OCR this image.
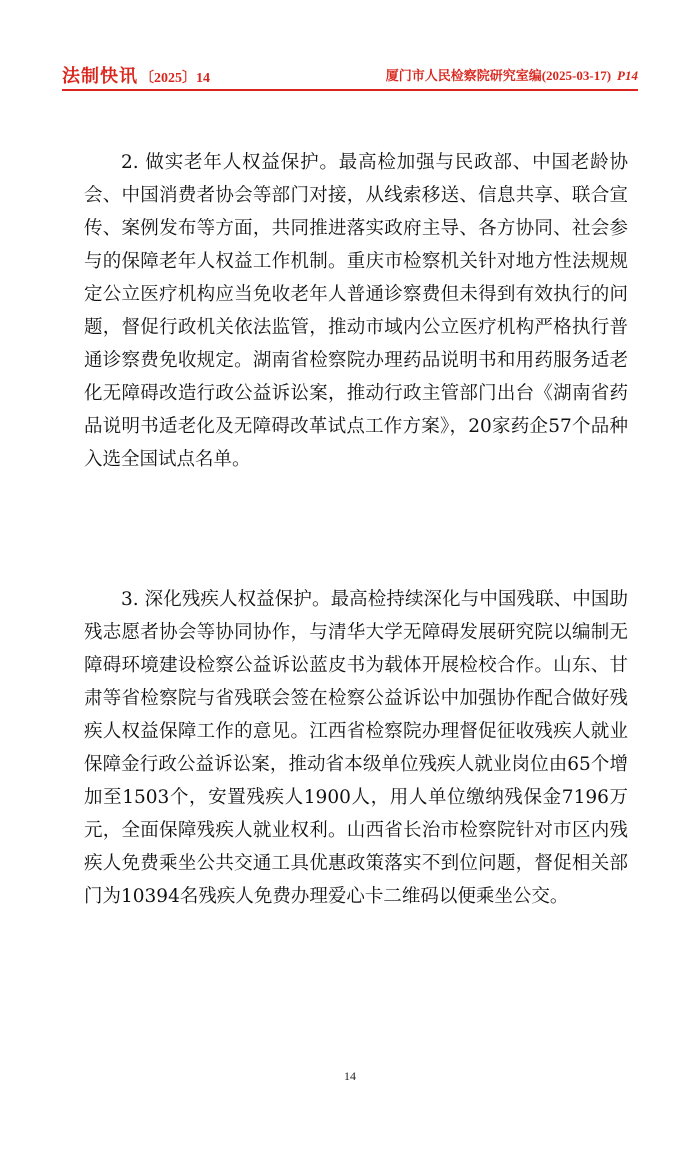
法制快讯 〔2025〕14	厦门市人民检察院研究室编(2025-03-17) P14

2. 做实老年人权益保护。最高检加强与民政部、中国老龄协会、中国消费者协会等部门对接，从线索移送、信息共享、联合宣传、案例发布等方面，共同推进落实政府主导、各方协同、社会参与的保障老年人权益工作机制。重庆市检察机关针对地方性法规规定公立医疗机构应当免收老年人普通诊察费但未得到有效执行的问题，督促行政机关依法监管，推动市域内公立医疗机构严格执行普通诊察费免收规定。湖南省检察院办理药品说明书和用药服务适老化无障碍改造行政公益诉讼案，推动行政主管部门出台《湖南省药品说明书适老化及无障碍改革试点工作方案》，20家药企57个品种入选全国试点名单。

3. 深化残疾人权益保护。最高检持续深化与中国残联、中国助残志愿者协会等协同协作，与清华大学无障碍发展研究院以编制无障碍环境建设检察公益诉讼蓝皮书为载体开展检校合作。山东、甘肃等省检察院与省残联会签在检察公益诉讼中加强协作配合做好残疾人权益保障工作的意见。江西省检察院办理督促征收残疾人就业保障金行政公益诉讼案，推动省本级单位残疾人就业岗位由65个增加至1503个，安置残疾人1900人，用人单位缴纳残保金7196万元，全面保障残疾人就业权利。山西省长治市检察院针对市区内残疾人免费乘坐公共交通工具优惠政策落实不到位问题，督促相关部门为10394名残疾人免费办理爱心卡二维码以便乘坐公交。

14
